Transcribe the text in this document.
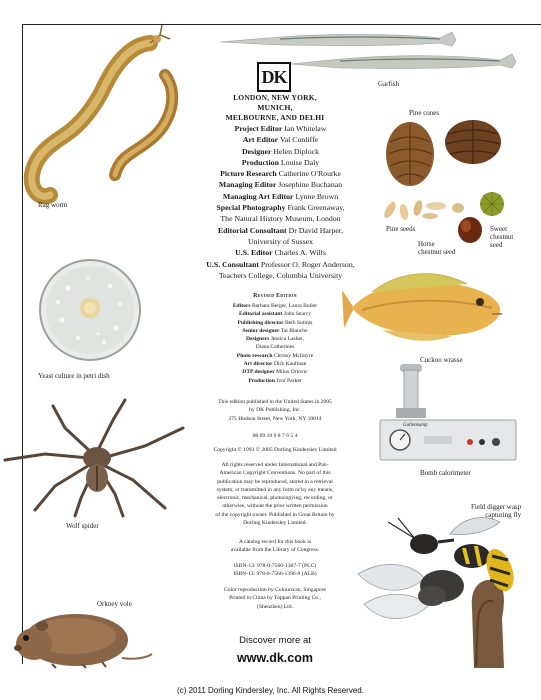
Rag worm
Garfish
DK
LONDON, NEW YORK, MUNICH,
MELBOURNE, AND DELHI
Project Editor Ian Whitelaw
Art Editor Val Cunliffe
Designer Helen Diplock
Production Louise Daly
Picture Research Catherine O'Rourke
Managing Editor Josephine Buchanan
Managing Art Editor Lynne Brown
Special Photography Frank Greenaway,
The Natural History Museum, London
Editorial Consultant Dr David Harper,
University of Sussex
U.S. Editor Charles A. Wills
U.S. Consultant Professor O. Roger Anderson,
Teachers College, Columbia University
Revised Edition
Editors Barbara Berger, Laura Buller
Editorial assistant John Searcy
Publishing director Beth Sutinis
Senior designer Tai Blanche
Designers Jessica Lasher,
Diana Catherines
Photo research Chrissy McIntyre
Art director Dirk Kaufman
DTP designer Milos Orlovic
Production Ivor Parker
This edition published in the United States in 2005
by DK Publishing, Inc.
375 Hudson Street, New York, NY 10014
08 09 10 9 8 7 6 5 4
Copyright © 1993 © 2005 Dorling Kindersley Limited
All rights reserved under International and Pan-
American Copyright Conventions. No part of this
publication may be reproduced, stored in a retrieval
system, or transmitted in any form or by any means,
electronic, mechanical, photocopying, recording, or
otherwise, without the prior written permission
of the copyright owner. Published in Great Britain by
Dorling Kindersley Limited.
A catalog record for this book is
available from the Library of Congress.
ISBN-13: 978-0-7566-1387-7 (PLC)
ISBN-13: 978-0-7566-1396-9 (ALB)
Color reproduction by Colourscan, Singapore
Printed in China by Toppan Printing Co.,
(Shenzhen) Ltd.
Discover more at
www.dk.com
Pine cones
Pine seeds
Horse
chestnut seed
Sweet
chestnut
seed
Yeast culture in petri dish
Cuckoo wrasse
Wolf spider
Gallenkamp
Bomb calorimeter
Field digger wasp
capturing fly
Orkney vole
(c) 2011 Dorling Kindersley, Inc. All Rights Reserved.
